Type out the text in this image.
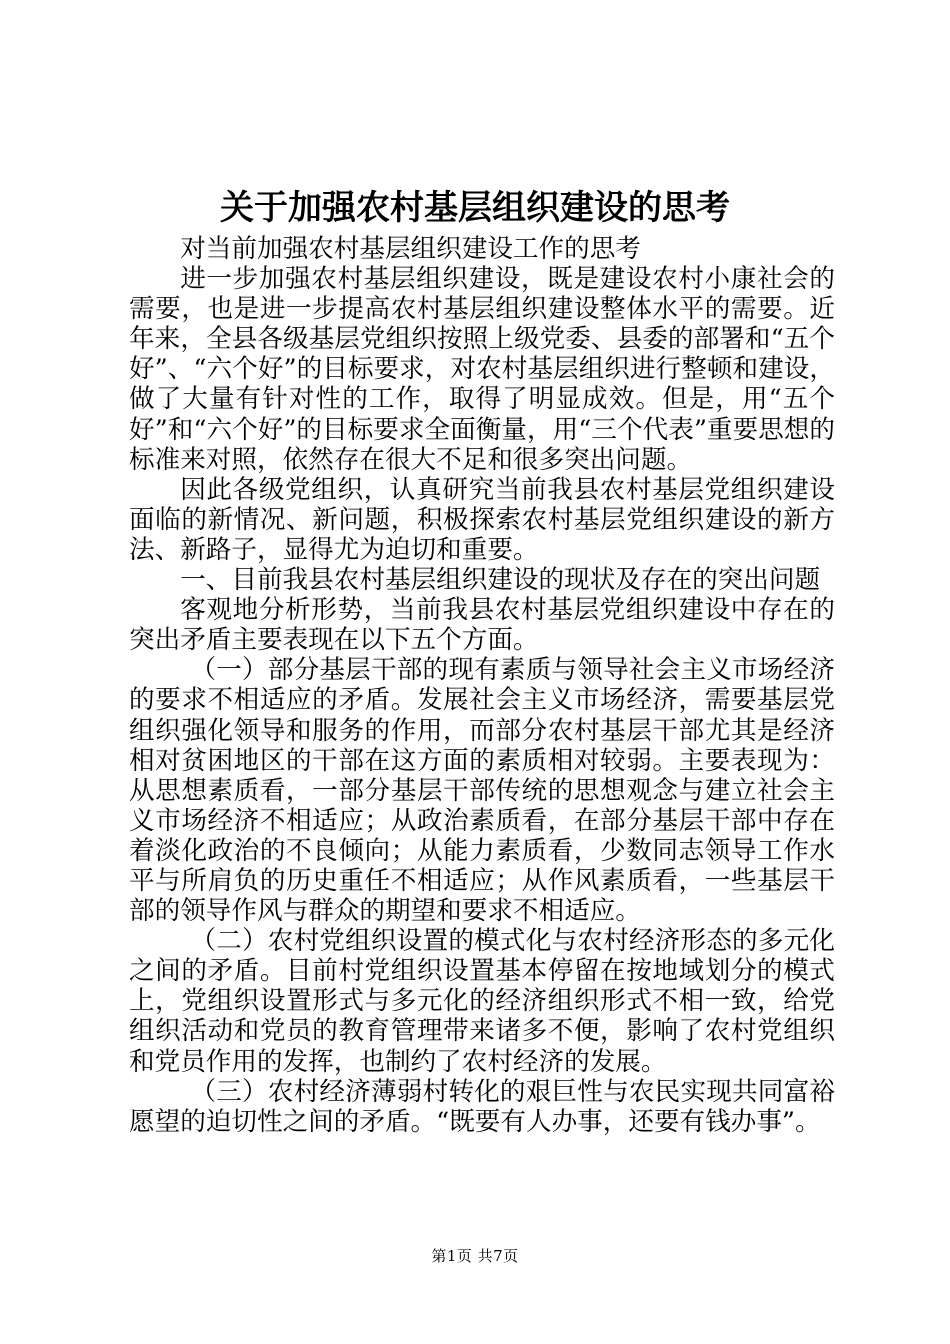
关于加强农村基层组织建设的思考

对当前加强农村基层组织建设工作的思考

进一步加强农村基层组织建设，既是建设农村小康社会的需要，也是进一步提高农村基层组织建设整体水平的需要。近年来，全县各级基层党组织按照上级党委、县委的部署和“五个好”、“六个好”的目标要求，对农村基层组织进行整顿和建设，做了大量有针对性的工作，取得了明显成效。但是，用“五个好”和“六个好”的目标要求全面衡量，用“三个代表”重要思想的标准来对照，依然存在很大不足和很多突出问题。

因此各级党组织，认真研究当前我县农村基层党组织建设面临的新情况、新问题，积极探索农村基层党组织建设的新方法、新路子，显得尤为迫切和重要。

一、目前我县农村基层组织建设的现状及存在的突出问题

客观地分析形势，当前我县农村基层党组织建设中存在的突出矛盾主要表现在以下五个方面。

（一）部分基层干部的现有素质与领导社会主义市场经济的要求不相适应的矛盾。发展社会主义市场经济，需要基层党组织强化领导和服务的作用，而部分农村基层干部尤其是经济相对贫困地区的干部在这方面的素质相对较弱。主要表现为：从思想素质看，一部分基层干部传统的思想观念与建立社会主义市场经济不相适应；从政治素质看，在部分基层干部中存在着淡化政治的不良倾向；从能力素质看，少数同志领导工作水平与所肩负的历史重任不相适应；从作风素质看，一些基层干部的领导作风与群众的期望和要求不相适应。

（二）农村党组织设置的模式化与农村经济形态的多元化之间的矛盾。目前村党组织设置基本停留在按地域划分的模式上，党组织设置形式与多元化的经济组织形式不相一致，给党组织活动和党员的教育管理带来诸多不便，影响了农村党组织和党员作用的发挥，也制约了农村经济的发展。

（三）农村经济薄弱村转化的艰巨性与农民实现共同富裕愿望的迫切性之间的矛盾。“既要有人办事，还要有钱办事”。

第1页 共7页
